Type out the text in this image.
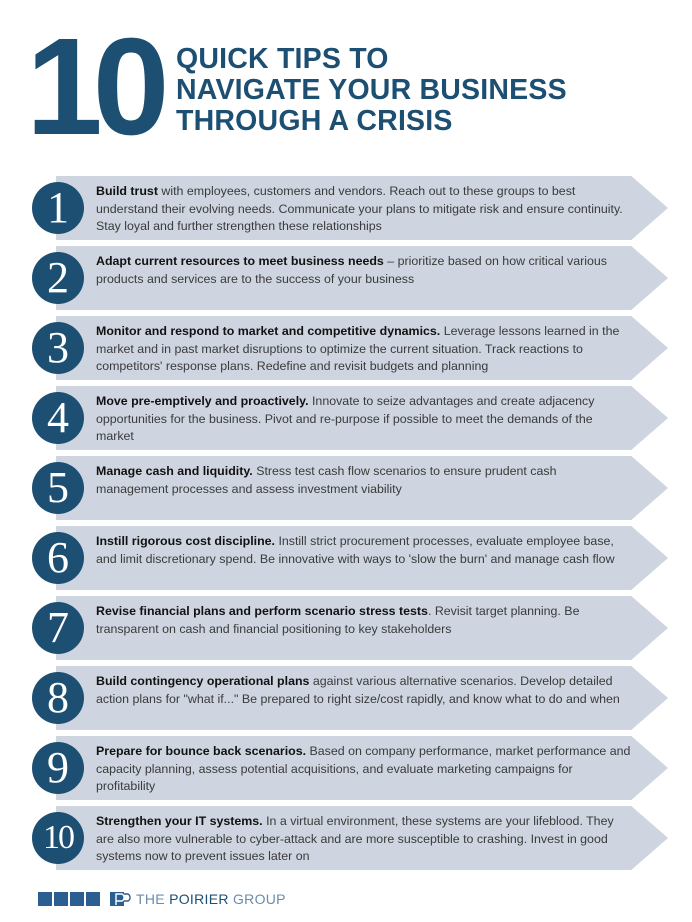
10 QUICK TIPS TO
NAVIGATE YOUR BUSINESS
THROUGH A CRISIS
1	Build trust with employees, customers and vendors. Reach out to these groups to best understand their evolving needs. Communicate your plans to mitigate risk and ensure continuity. Stay loyal and further strengthen these relationships
2	Adapt current resources to meet business needs – prioritize based on how critical various products and services are to the success of your business
3	Monitor and respond to market and competitive dynamics. Leverage lessons learned in the market and in past market disruptions to optimize the current situation. Track reactions to competitors' response plans. Redefine and revisit budgets and planning
4	Move pre-emptively and proactively. Innovate to seize advantages and create adjacency opportunities for the business. Pivot and re-purpose if possible to meet the demands of the market
5	Manage cash and liquidity. Stress test cash flow scenarios to ensure prudent cash management processes and assess investment viability
6	Instill rigorous cost discipline. Instill strict procurement processes, evaluate employee base, and limit discretionary spend. Be innovative with ways to 'slow the burn' and manage cash flow
7	Revise financial plans and perform scenario stress tests. Revisit target planning. Be transparent on cash and financial positioning to key stakeholders
8	Build contingency operational plans against various alternative scenarios. Develop detailed action plans for "what if..." Be prepared to right size/cost rapidly, and know what to do and when
9	Prepare for bounce back scenarios. Based on company performance, market performance and capacity planning, assess potential acquisitions, and evaluate marketing campaigns for profitability
10	Strengthen your IT systems. In a virtual environment, these systems are your lifeblood. They are also more vulnerable to cyber-attack and are more susceptible to crashing. Invest in good systems now to prevent issues later on
THE POIRIER GROUP
